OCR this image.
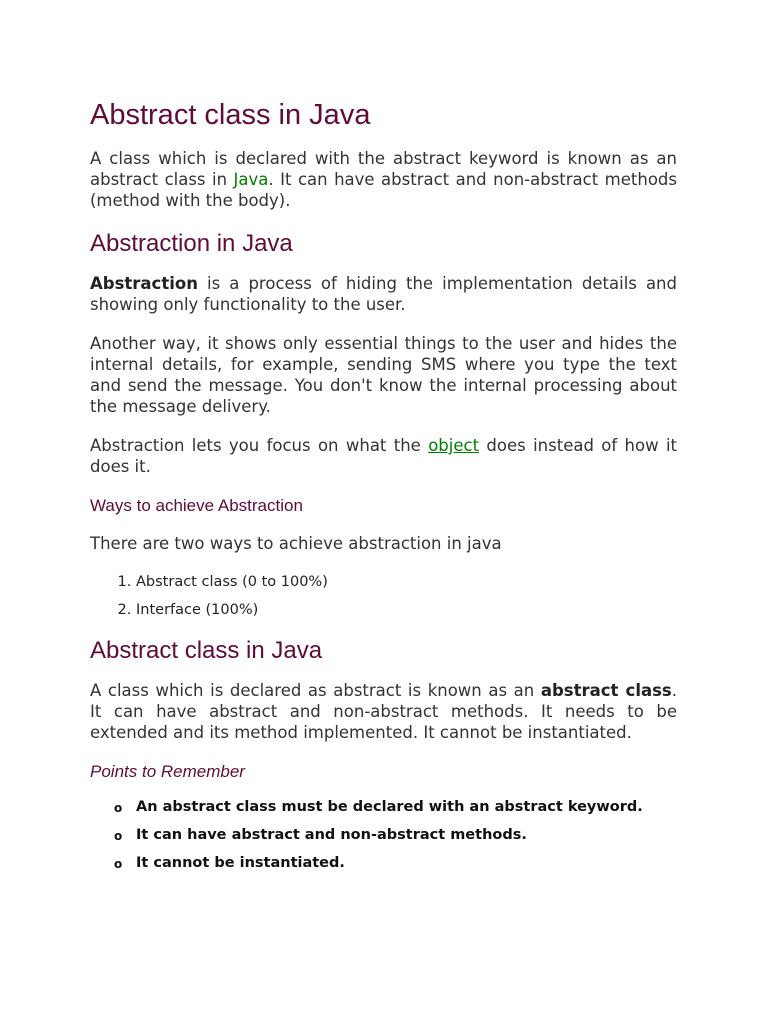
Abstract class in Java

A class which is declared with the abstract keyword is known as an abstract class in Java. It can have abstract and non-abstract methods (method with the body).

Abstraction in Java

Abstraction is a process of hiding the implementation details and showing only functionality to the user.

Another way, it shows only essential things to the user and hides the internal details, for example, sending SMS where you type the text and send the message. You don't know the internal processing about the message delivery.

Abstraction lets you focus on what the object does instead of how it does it.

Ways to achieve Abstraction

There are two ways to achieve abstraction in java

1. Abstract class (0 to 100%)
2. Interface (100%)
Abstract class in Java

A class which is declared as abstract is known as an abstract class. It can have abstract and non-abstract methods. It needs to be extended and its method implemented. It cannot be instantiated.

Points to Remember
o An abstract class must be declared with an abstract keyword.
o It can have abstract and non-abstract methods.
o It cannot be instantiated.
